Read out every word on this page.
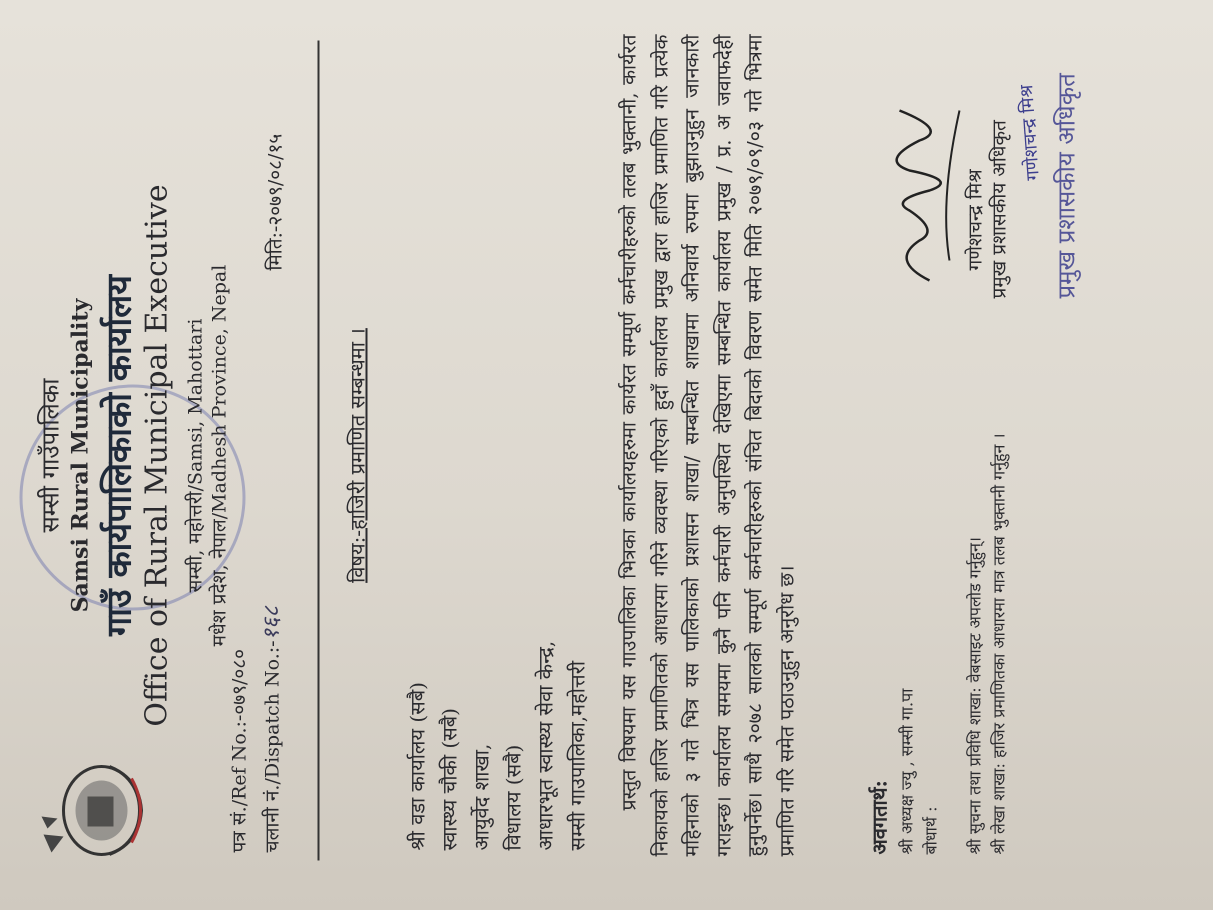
सम्सी गाउँपालिका Samsi Rural Municipality गाउँ कार्यपालिकाको कार्यालय Office of Rural Municipal Executive सम्सी, महोत्तरी/Samsi, Mahottari मधेश प्रदेश, नेपाल/Madhesh Province, Nepal
पत्र सं./Ref No.:-०७९/०८० चलानी नं./Dispatch No.:-१६८
मिति:-२०७९/०८/१५
विषय:-हाजिरी प्रमाणित सम्बन्धमा ।
श्री वडा कार्यालय (सबै) स्वास्थ्य चौकी (सबै) आयुर्वेद शाखा, विधालय (सबै) आधारभूत स्वास्थ्य सेवा केन्द्र, सम्सी गाउपालिका,महोत्तरी प्रस्तुत विषयमा यस गाउपालिका भित्रका कार्यालयहरुमा कार्यरत सम्पूर्ण कर्मचारीहरुको तलब भुक्तानी, कार्यरत निकायको हाजिर प्रमाणितको आधारमा गरिने व्यवस्था गरिएको हुदाँ कार्यालय प्रमुख द्वारा हाजिर प्रमाणित गरि प्रत्येक महिनाको ३ गते भित्र यस पालिकाको प्रशासन शाखा/ सम्बन्धित शाखामा अनिवार्य रुपमा बुझाउनुहुन जानकारी गराइन्छ। कार्यालय समयमा कुनै पनि कर्मचारी अनुपस्थित देखिएमा सम्बन्धित कार्यालय प्रमुख / प्र. अ जवाफदेही हुनुपर्नेछ। साथै २०७८ सालको सम्पूर्ण कर्मचारीहरुको संचित बिदाको विवरण समेत मिति २०७९/०९/०३ गते भित्रमा प्रमाणित गरि समेत पठाउनुहुन अनुरोध छ।	अवगतार्थ: श्री अध्यक्ष ज्यु , सम्सी गा.पा बोधार्थ : श्री सुचना तथा प्रविधि शाखा: वेबसाइट अपलोड गर्नुहुन्। श्री लेखा शाखा: हाजिर प्रमाणितका आधारमा मात्र तलब भुक्तानी गर्नुहुन ।
गणेशचन्द्र मिश्र प्रमुख प्रशासकीय अधिकृत गणेशचन्द्र मिश्र प्रमुख प्रशासकीय अधिकृत
